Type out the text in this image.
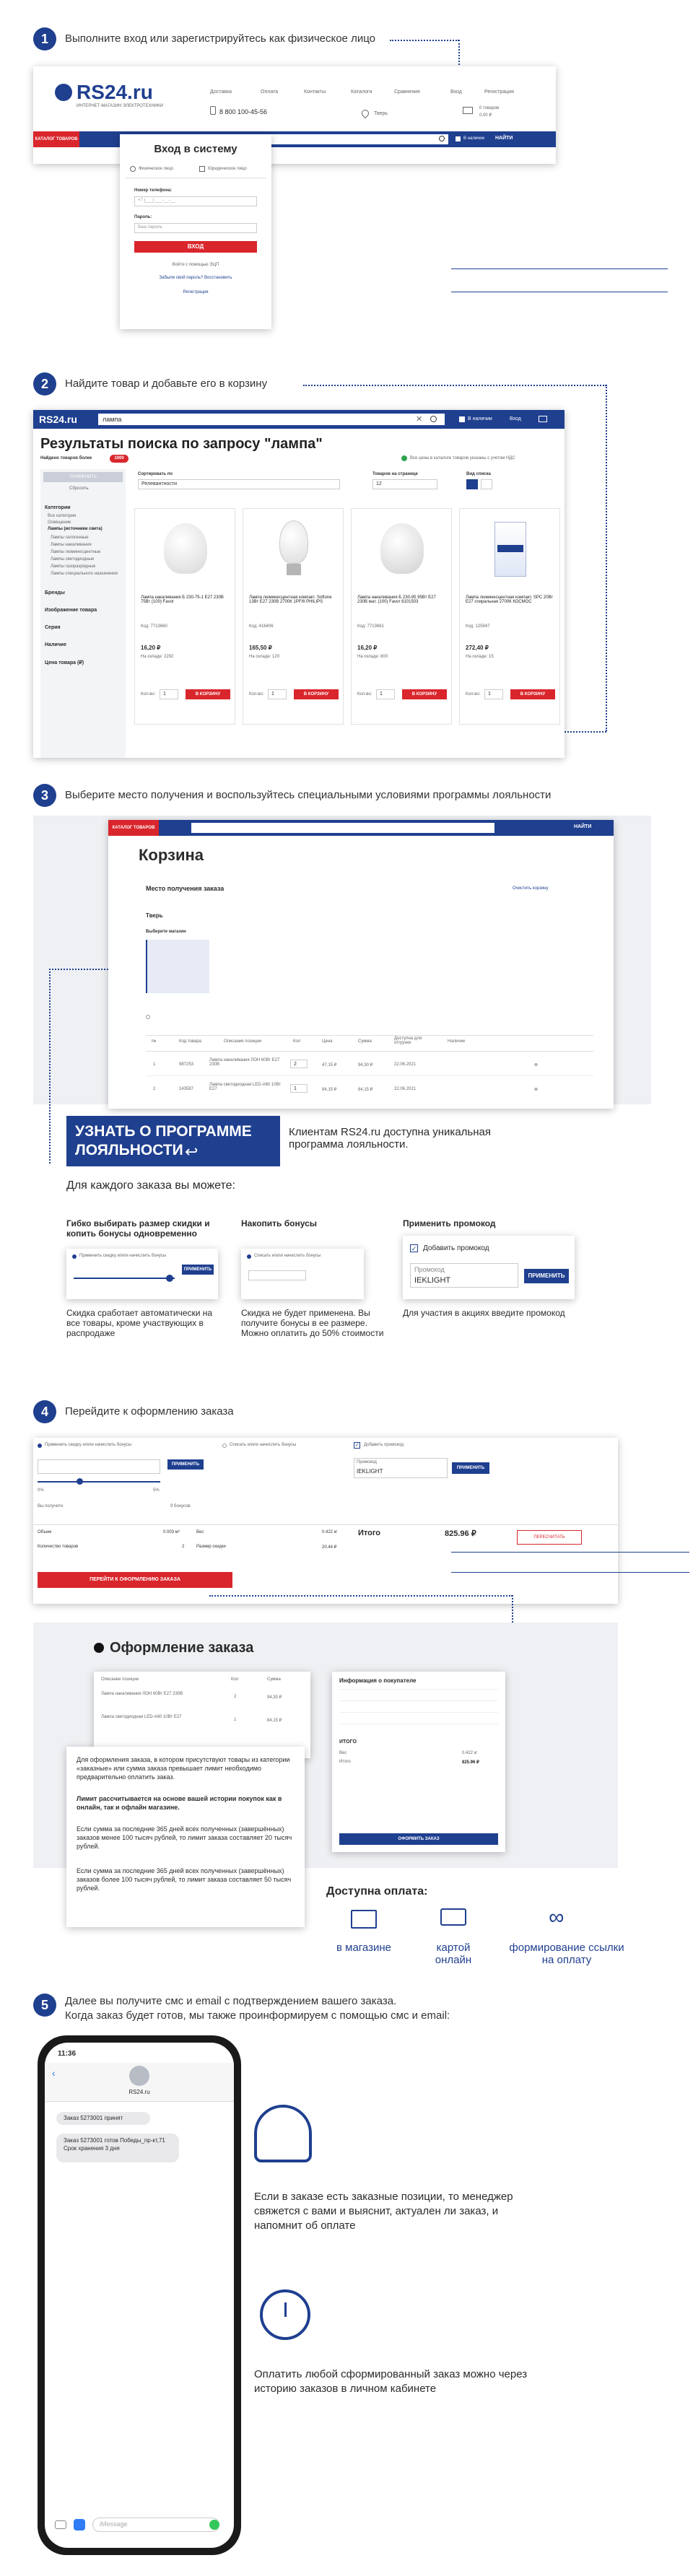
1	Выполните вход или зарегистрируйтесь как физическое лицо
RS24.ru
ИНТЕРНЕТ-МАГАЗИН ЭЛЕКТРОТЕХНИКИ
Доставка	Оплата	Контакты	Каталоги	Сравнение	Вход	Регистрация
8 800 100-45-56	Тверь
0 товаров
0,00 ₽
КАТАЛОГ ТОВАРОВ	В наличии НАЙТИ
Вход в систему
Физическое лицо	Юридическое лицо
Номер телефона:
+7 (___) ___-__-__
Пароль:
Ваш пароль
ВХОД
Войти с помощью ЭЦП
Забыли свой пароль? Восстановить
Регистрация
2	Найдите товар и добавьте его в корзину
RS24.ru	лампа	✕	В наличии	Вход
Результаты поиска по запросу "лампа"
Найдено товаров более	1000	Все цены в каталоге товаров указаны с учетом НДС
ПРИМЕНИТЬ
Сбросить
Категории
Все категории
Освещение
Лампы (источники света)
Лампы галогенные
Лампы накаливания
Лампы люминесцентные
Лампы светодиодные
Лампы газоразрядные
Лампы специального назначения
Бренды
Изображение товара
Серия
Наличие
Цена товара (₽)
Сортировать по
Релевантности
Товаров на странице
12
Вид списка
Лампа накаливания Б 230-75-1 E27 230В 75Вт (100) Favor
Код: 7713660
16,20 ₽
На складе: 2292
Кол-во:	1	В КОРЗИНУ
Лампа люминесцентная компакт. Softone 13Вт E27 230В 2700К 1PF/6 PHILIPS
Код: 416406
165,50 ₽
На складе: 120
Кол-во:	1	В КОРЗИНУ
Лампа накаливания Б 230-95 95Вт E27 230В мат. (100) Favor 8101503
Код: 7713661
16,20 ₽
На складе: 800
Кол-во:	1	В КОРЗИНУ
Лампа люминесцентная компакт. SPC 20Вт E27 спиральная 2700К КОСМОС
Код: 125947
272,40 ₽
На складе: 15
Кол-во:	1	В КОРЗИНУ
3	Выберите место получения и воспользуйтесь специальными условиями программы лояльности
КАТАЛОГ ТОВАРОВ	НАЙТИ
Корзина
Место получения заказа	Очистить корзину
Тверь
Выберите магазин
№	Код товара	Описание позиции	Кол	Цена	Сумма
Доступна для отгрузки	Наличие
1	987253
Лампа накаливания ЛОН 60Вт E27 230В	2	47,15 ₽	94,30 ₽	22.06.2021	⊗
2	143587
Лампа светодиодная LED-A60 10Вт E27	1	84,15 ₽	84,15 ₽	22.06.2021	⊗
УЗНАТЬ О ПРОГРАММЕ
ЛОЯЛЬНОСТИ ↩
Клиентам RS24.ru доступна уникальная программа лояльности.
Для каждого заказа вы можете:
Гибко выбирать размер скидки и копить бонусы одновременно
Применить скидку и/или начислить бонусы
ПРИМЕНИТЬ
Скидка сработает автоматически на все товары, кроме участвующих в распродаже
Накопить бонусы
Списать и/или начислить бонусы
Скидка не будет применена. Вы получите бонусы в ее размере. Можно оплатить до 50% стоимости
Применить промокод
✓ Добавить промокод
Промокод
IEKLIGHT
ПРИМЕНИТЬ
Для участия в акциях введите промокод
4	Перейдите к оформлению заказа
Применить скидку и/или начислить бонусы
0%	5%
ПРИМЕНИТЬ
Вы получите	9 бонусов
Списать и/или начислить бонусы	✓ Добавить промокод
Промокод
IEKLIGHT	ПРИМЕНИТЬ
Объем	0.003 м³	Вес	0.422 кг
Количество товаров	2	Размер скидки	20.44 ₽
Итого	825.96 ₽	ПЕРЕСЧИТАТЬ
ПЕРЕЙТИ К ОФОРМЛЕНИЮ ЗАКАЗА
Оформление заказа
Описание позиции	Кол	Сумма
Лампа накаливания ЛОН 60Вт E27 230В
2	94,30 ₽
Лампа светодиодная LED-A60 10Вт E27
1	84,15 ₽
Информация о покупателе
ИТОГО
Вес	0.422 кг
Итого	825.96 ₽
ОФОРМИТЬ ЗАКАЗ
Для оформления заказа, в котором присутствуют товары из категории «заказные» или сумма заказа превышает лимит необходимо предварительно оплатить заказ.
Лимит рассчитывается на основе вашей истории покупок как в онлайн, так и офлайн магазине.
Если сумма за последние 365 дней всех полученных (завершённых) заказов менее 100 тысяч рублей, то лимит заказа составляет 20 тысяч рублей.
Если сумма за последние 365 дней всех полученных (завершённых) заказов более 100 тысяч рублей, то лимит заказа составляет 50 тысяч рублей.	Доступна оплата:
в магазине	картой онлайн
∞
формирование ссылки на оплату
5	Далее вы получите смс и email с подтверждением вашего заказа.
Когда заказ будет готов, мы также проинформируем с помощью смс и email:
11:36
‹
RS24.ru
Заказ 5273001 принят
Заказ 5273001 готов Победы_пр-кт,71 Срок хранения 3 дня
iMessage
Если в заказе есть заказные позиции, то менеджер свяжется с вами и выяснит, актуален ли заказ, и напомнит об оплате
Оплатить любой сформированный заказ можно через историю заказов в личном кабинете
